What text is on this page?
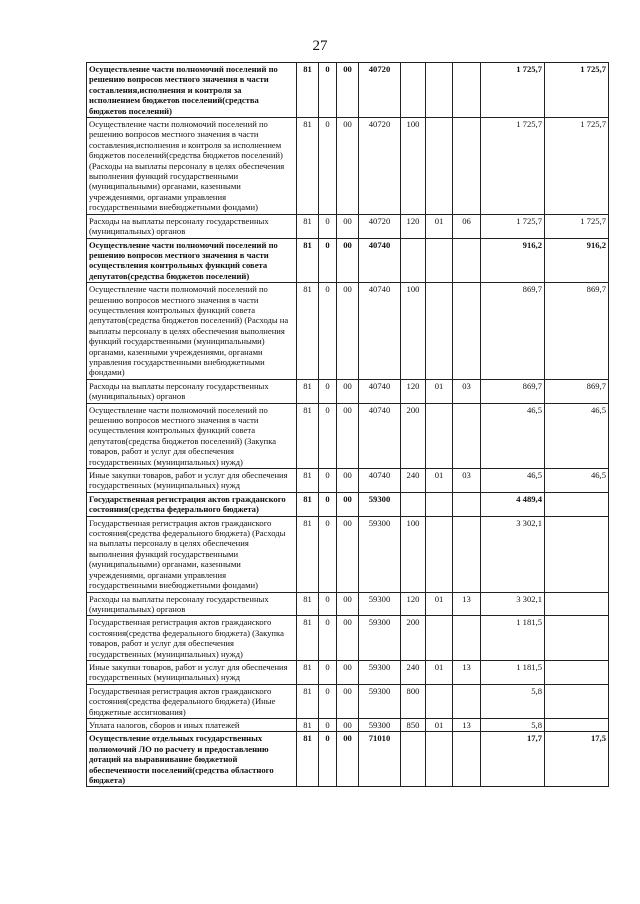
27
Осуществление части полномочий поселений по решению вопросов местного значения в части составления,исполнения и контроля за исполнением бюджетов поселений(средства бюджетов поселений)	81	0	00	40720				1 725,7	1 725,7
Осуществление части полномочий поселений по решению вопросов местного значения в части составления,исполнения и контроля за исполнением бюджетов поселений(средства бюджетов поселений) (Расходы на выплаты персоналу в целях обеспечения выполнения функций государственными (муниципальными) органами, казенными учреждениями, органами управления государственными внебюджетными фондами)	81	0	00	40720	100			1 725,7	1 725,7
Расходы на выплаты персоналу государственных (муниципальных) органов	81	0	00	40720	120	01	06	1 725,7	1 725,7
Осуществление части полномочий поселений по решению вопросов местного значения в части осуществления контрольных функций совета депутатов(средства бюджетов поселений)	81	0	00	40740				916,2	916,2
Осуществление части полномочий поселений по решению вопросов местного значения в части осуществления контрольных функций совета депутатов(средства бюджетов поселений) (Расходы на выплаты персоналу в целях обеспечения выполнения функций государственными (муниципальными) органами, казенными учреждениями, органами управления государственными внебюджетными фондами)	81	0	00	40740	100			869,7	869,7
Расходы на выплаты персоналу государственных (муниципальных) органов	81	0	00	40740	120	01	03	869,7	869,7
Осуществление части полномочий поселений по решению вопросов местного значения в части осуществления контрольных функций совета депутатов(средства бюджетов поселений) (Закупка товаров, работ и услуг для обеспечения государственных (муниципальных) нужд)	81	0	00	40740	200			46,5	46,5
Иные закупки товаров, работ и услуг для обеспечения государственных (муниципальных) нужд	81	0	00	40740	240	01	03	46,5	46,5
Государственная регистрация актов гражданского состояния(средства федерального бюджета)	81	0	00	59300				4 489,4	
Государственная регистрация актов гражданского состояния(средства федерального бюджета) (Расходы на выплаты персоналу в целях обеспечения выполнения функций государственными (муниципальными) органами, казенными учреждениями, органами управления государственными внебюджетными фондами)	81	0	00	59300	100			3 302,1	
Расходы на выплаты персоналу государственных (муниципальных) органов	81	0	00	59300	120	01	13	3 302,1	
Государственная регистрация актов гражданского состояния(средства федерального бюджета) (Закупка товаров, работ и услуг для обеспечения государственных (муниципальных) нужд)	81	0	00	59300	200			1 181,5	
Иные закупки товаров, работ и услуг для обеспечения государственных (муниципальных) нужд	81	0	00	59300	240	01	13	1 181,5	
Государственная регистрация актов гражданского состояния(средства федерального бюджета) (Иные бюджетные ассигнования)	81	0	00	59300	800			5,8	
Уплата налогов, сборов и иных платежей	81	0	00	59300	850	01	13	5,8	
Осуществление отдельных государственных полномочий ЛО по расчету и предоставлению дотаций на выравнивание бюджетной обеспеченности поселений(средства областного бюджета)	81	0	00	71010				17,7	17,5
